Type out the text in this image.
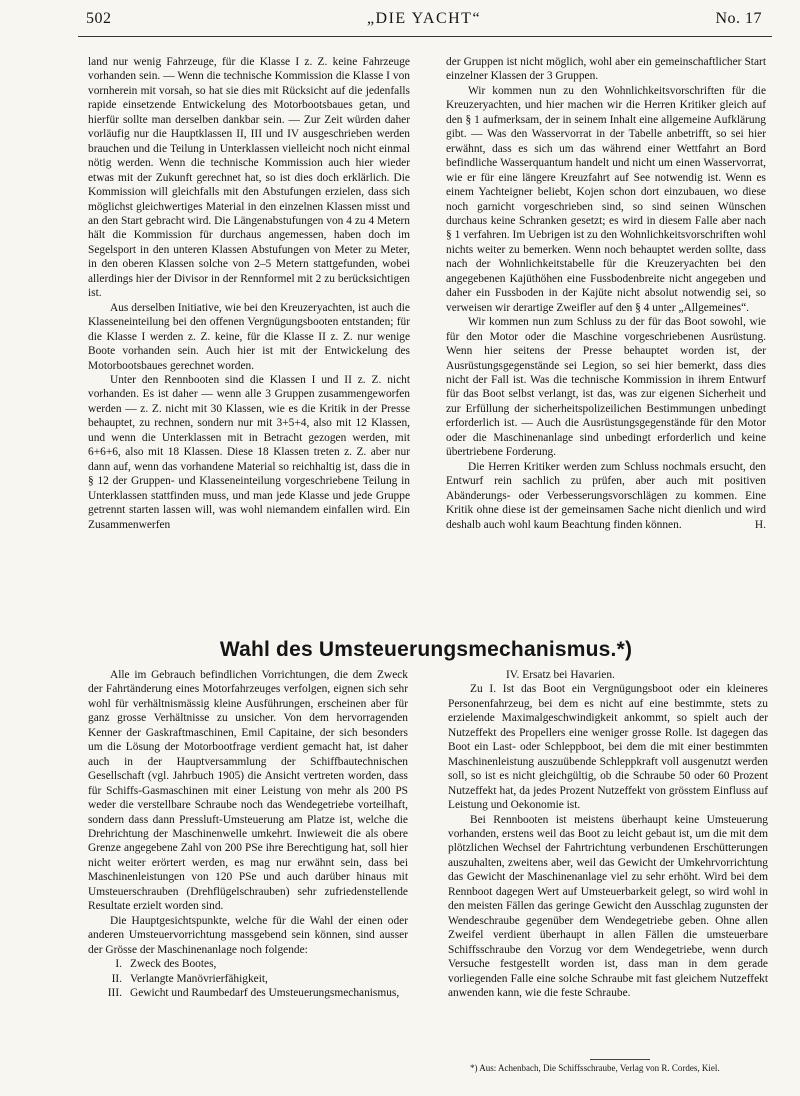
„DIE YACHT“
502	No. 17

land nur wenig Fahrzeuge, für die Klasse I z. Z. keine Fahrzeuge vorhanden sein. — Wenn die technische Kommission die Klasse I von vornherein mit vorsah, so hat sie dies mit Rücksicht auf die jedenfalls rapide einsetzende Entwickelung des Motorbootsbaues getan, und hierfür sollte man derselben dankbar sein. — Zur Zeit würden daher vorläufig nur die Hauptklassen II, III und IV ausgeschrieben werden brauchen und die Teilung in Unterklassen vielleicht noch nicht einmal nötig werden. Wenn die technische Kommission auch hier wieder etwas mit der Zukunft gerechnet hat, so ist dies doch erklärlich. Die Kommission will gleichfalls mit den Abstufungen erzielen, dass sich möglichst gleichwertiges Material in den einzelnen Klassen misst und an den Start gebracht wird. Die Längenabstufungen von 4 zu 4 Metern hält die Kommission für durchaus angemessen, haben doch im Segelsport in den unteren Klassen Abstufungen von Meter zu Meter, in den oberen Klassen solche von 2–5 Metern stattgefunden, wobei allerdings hier der Divisor in der Rennformel mit 2 zu berücksichtigen ist.

Aus derselben Initiative, wie bei den Kreuzeryachten, ist auch die Klasseneinteilung bei den offenen Vergnügungsbooten entstanden; für die Klasse I werden z. Z. keine, für die Klasse II z. Z. nur wenige Boote vorhanden sein. Auch hier ist mit der Entwickelung des Motorbootsbaues gerechnet worden.

Unter den Rennbooten sind die Klassen I und II z. Z. nicht vorhanden. Es ist daher — wenn alle 3 Gruppen zusammengeworfen werden — z. Z. nicht mit 30 Klassen, wie es die Kritik in der Presse behauptet, zu rechnen, sondern nur mit 3+5+4, also mit 12 Klassen, und wenn die Unterklassen mit in Betracht gezogen werden, mit 6+6+6, also mit 18 Klassen. Diese 18 Klassen treten z. Z. aber nur dann auf, wenn das vorhandene Material so reichhaltig ist, dass die in § 12 der Gruppen- und Klasseneinteilung vorgeschriebene Teilung in Unterklassen stattfinden muss, und man jede Klasse und jede Gruppe getrennt starten lassen will, was wohl niemandem einfallen wird. Ein Zusammenwerfen

der Gruppen ist nicht möglich, wohl aber ein gemeinschaftlicher Start einzelner Klassen der 3 Gruppen.

Wir kommen nun zu den Wohnlichkeitsvorschriften für die Kreuzeryachten, und hier machen wir die Herren Kritiker gleich auf den § 1 aufmerksam, der in seinem Inhalt eine allgemeine Aufklärung gibt. — Was den Wasservorrat in der Tabelle anbetrifft, so sei hier erwähnt, dass es sich um das während einer Wettfahrt an Bord befindliche Wasserquantum handelt und nicht um einen Wasservorrat, wie er für eine längere Kreuzfahrt auf See notwendig ist. Wenn es einem Yachteigner beliebt, Kojen schon dort einzubauen, wo diese noch garnicht vorgeschrieben sind, so sind seinen Wünschen durchaus keine Schranken gesetzt; es wird in diesem Falle aber nach § 1 verfahren. Im Uebrigen ist zu den Wohnlichkeitsvorschriften wohl nichts weiter zu bemerken. Wenn noch behauptet werden sollte, dass nach der Wohnlichkeitstabelle für die Kreuzeryachten bei den angegebenen Kajüthöhen eine Fussbodenbreite nicht angegeben und daher ein Fussboden in der Kajüte nicht absolut notwendig sei, so verweisen wir derartige Zweifler auf den § 4 unter „Allgemeines“.

Wir kommen nun zum Schluss zu der für das Boot sowohl, wie für den Motor oder die Maschine vorgeschriebenen Ausrüstung. Wenn hier seitens der Presse behauptet worden ist, der Ausrüstungsgegenstände sei Legion, so sei hier bemerkt, dass dies nicht der Fall ist. Was die technische Kommission in ihrem Entwurf für das Boot selbst verlangt, ist das, was zur eigenen Sicherheit und zur Erfüllung der sicherheitspolizeilichen Bestimmungen unbedingt erforderlich ist. — Auch die Ausrüstungsgegenstände für den Motor oder die Maschinenanlage sind unbedingt erforderlich und keine übertriebene Forderung.

Die Herren Kritiker werden zum Schluss nochmals ersucht, den Entwurf rein sachlich zu prüfen, aber auch mit positiven Abänderungs- oder Verbesserungsvorschlägen zu kommen. Eine Kritik ohne diese ist der gemeinsamen Sache nicht dienlich und wird deshalb auch wohl kaum Beachtung finden können.	H.

Wahl des Umsteuerungsmechanismus.*)

Alle im Gebrauch befindlichen Vorrichtungen, die dem Zweck der Fahrtänderung eines Motorfahrzeuges verfolgen, eignen sich sehr wohl für verhältnismässig kleine Ausführungen, erscheinen aber für ganz grosse Verhältnisse zu unsicher. Von dem hervorragenden Kenner der Gaskraftmaschinen, Emil Capitaine, der sich besonders um die Lösung der Motorbootfrage verdient gemacht hat, ist daher auch in der Hauptversammlung der Schiffbautechnischen Gesellschaft (vgl. Jahrbuch 1905) die Ansicht vertreten worden, dass für Schiffs-Gasmaschinen mit einer Leistung von mehr als 200 PS weder die verstellbare Schraube noch das Wendegetriebe vorteilhaft, sondern dass dann Pressluft-Umsteuerung am Platze ist, welche die Drehrichtung der Maschinenwelle umkehrt. Inwieweit die als obere Grenze angegebene Zahl von 200 PSe ihre Berechtigung hat, soll hier nicht weiter erörtert werden, es mag nur erwähnt sein, dass bei Maschinenleistungen von 120 PSe und auch darüber hinaus mit Umsteuerschrauben (Drehflügelschrauben) sehr zufriedenstellende Resultate erzielt worden sind.

Die Hauptgesichtspunkte, welche für die Wahl der einen oder anderen Umsteuervorrichtung massgebend sein können, sind ausser der Grösse der Maschinenanlage noch folgende:

I. Zweck des Bootes,
II. Verlangte Manövrierfähigkeit,
III. Gewicht und Raumbedarf des Umsteuerungsmechanismus,

IV. Ersatz bei Havarien.

Zu I. Ist das Boot ein Vergnügungsboot oder ein kleineres Personenfahrzeug, bei dem es nicht auf eine bestimmte, stets zu erzielende Maximalgeschwindigkeit ankommt, so spielt auch der Nutzeffekt des Propellers eine weniger grosse Rolle. Ist dagegen das Boot ein Last- oder Schleppboot, bei dem die mit einer bestimmten Maschinenleistung auszuübende Schleppkraft voll ausgenutzt werden soll, so ist es nicht gleichgültig, ob die Schraube 50 oder 60 Prozent Nutzeffekt hat, da jedes Prozent Nutzeffekt von grösstem Einfluss auf Leistung und Oekonomie ist.

Bei Rennbooten ist meistens überhaupt keine Umsteuerung vorhanden, erstens weil das Boot zu leicht gebaut ist, um die mit dem plötzlichen Wechsel der Fahrtrichtung verbundenen Erschütterungen auszuhalten, zweitens aber, weil das Gewicht der Umkehrvorrichtung das Gewicht der Maschinenanlage viel zu sehr erhöht. Wird bei dem Rennboot dagegen Wert auf Umsteuerbarkeit gelegt, so wird wohl in den meisten Fällen das geringe Gewicht den Ausschlag zugunsten der Wendeschraube gegenüber dem Wendegetriebe geben. Ohne allen Zweifel verdient überhaupt in allen Fällen die umsteuerbare Schiffsschraube den Vorzug vor dem Wendegetriebe, wenn durch Versuche festgestellt worden ist, dass man in dem gerade vorliegenden Falle eine solche Schraube mit fast gleichem Nutzeffekt anwenden kann, wie die feste Schraube.

*) Aus: Achenbach, Die Schiffsschraube, Verlag von R. Cordes, Kiel.
